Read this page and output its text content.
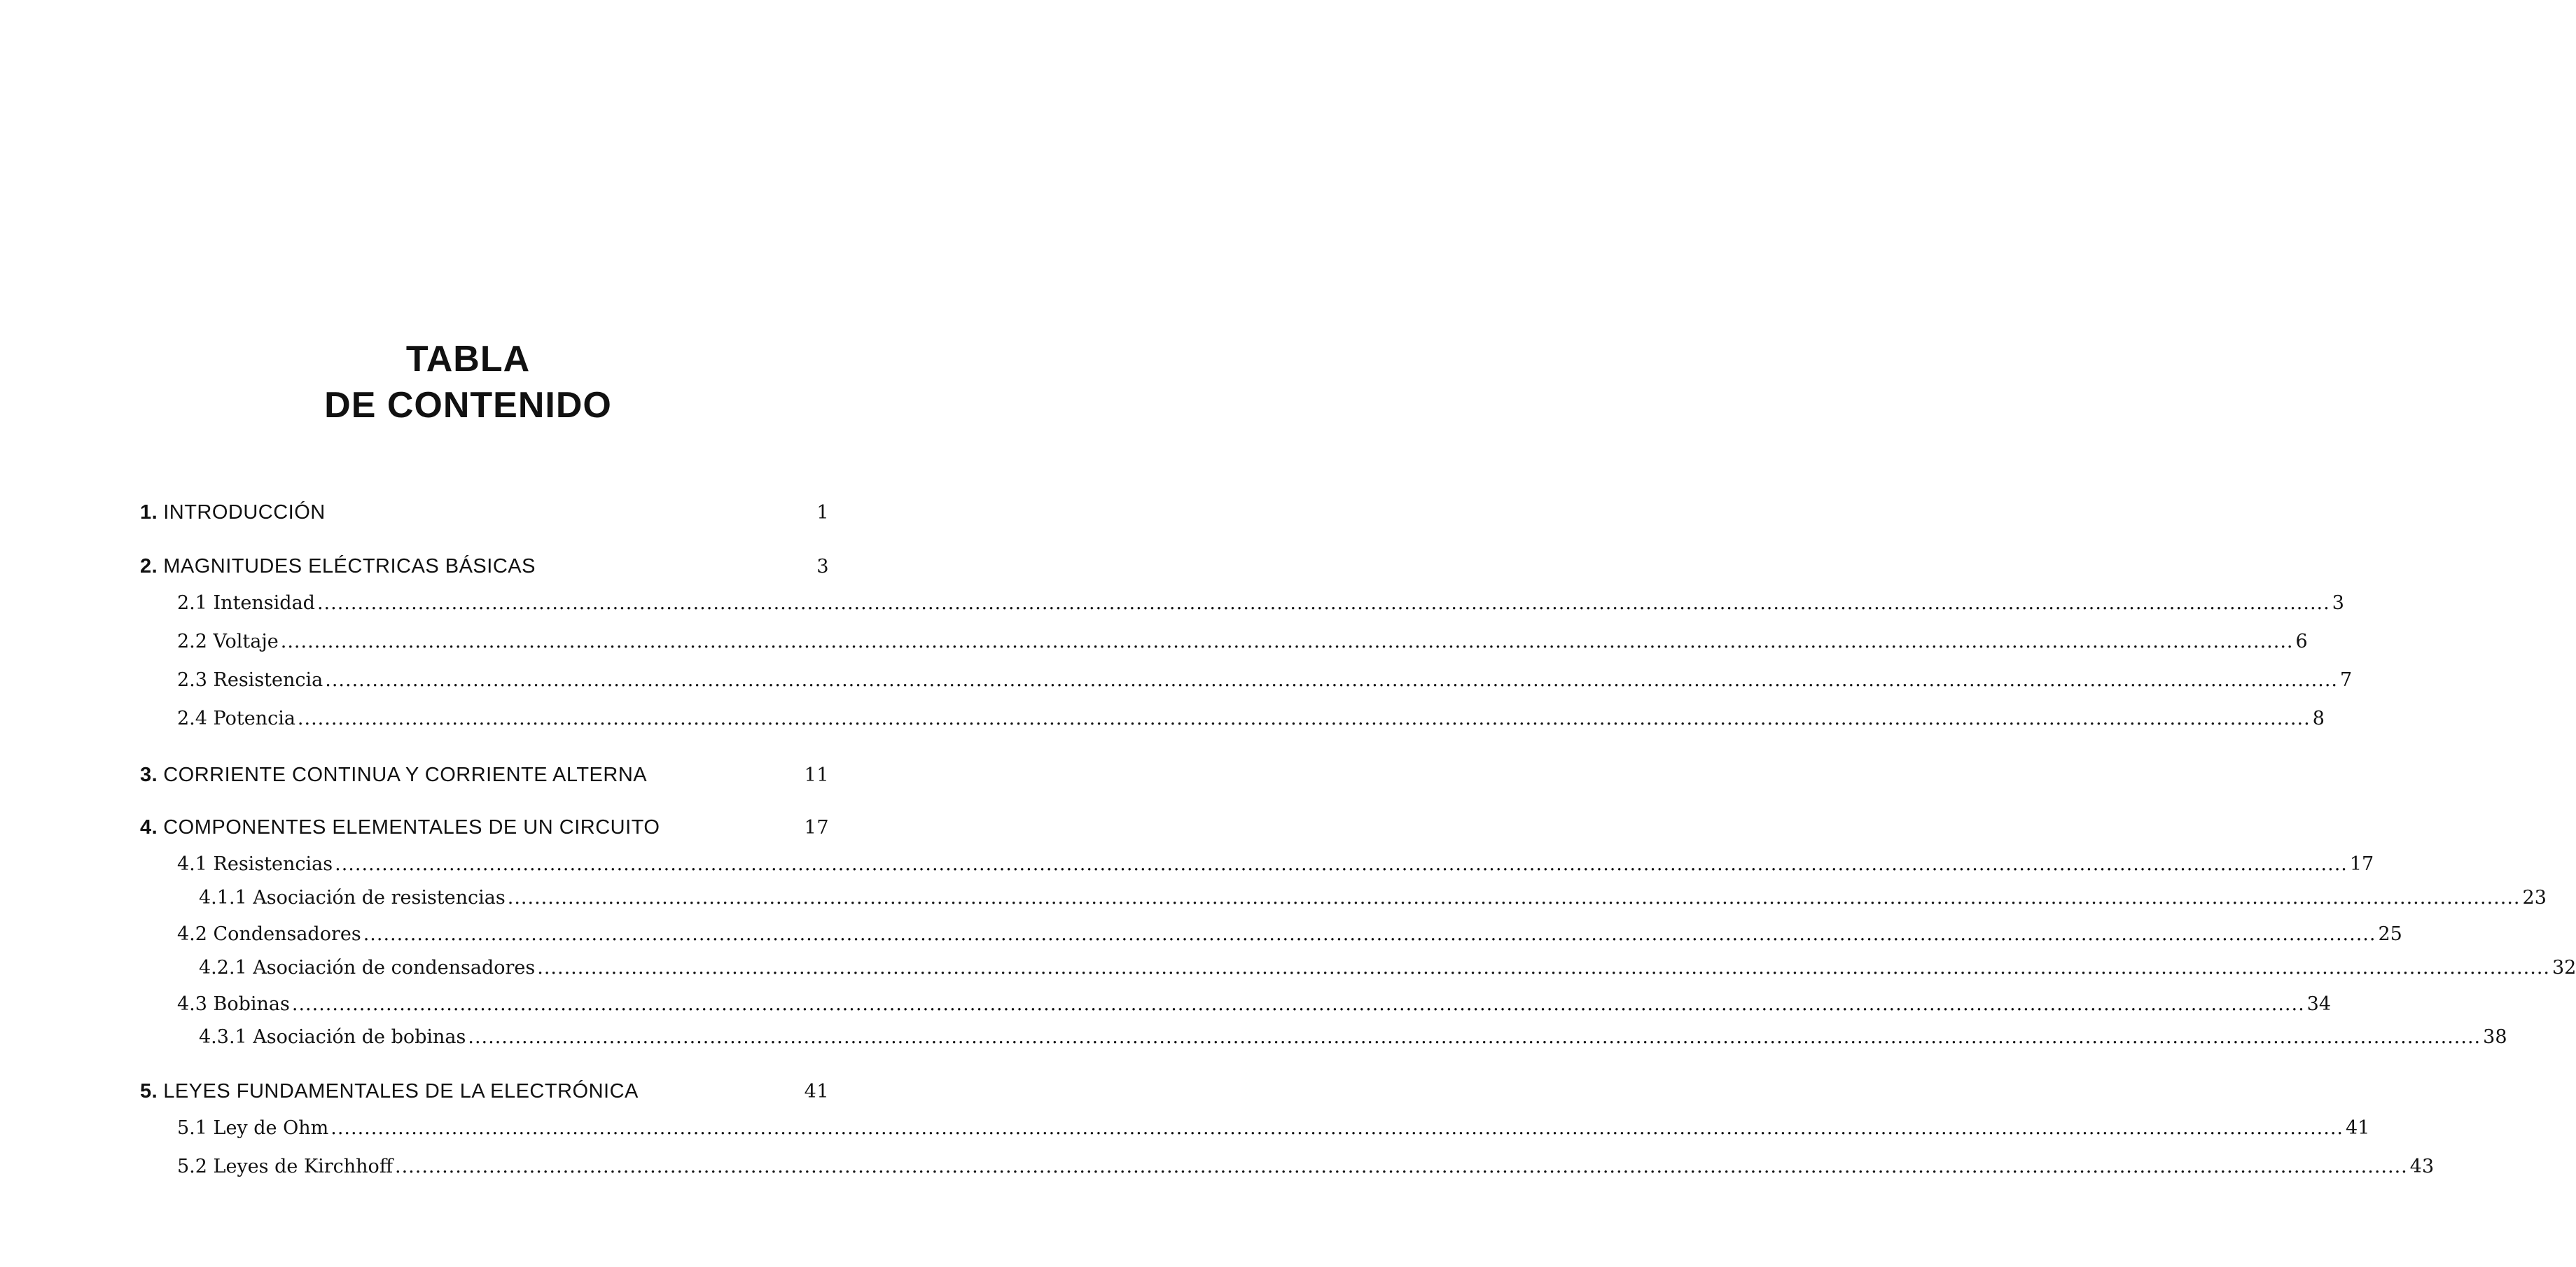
TABLA
DE CONTENIDO
1. INTRODUCCIÓN	1
2. MAGNITUDES ELÉCTRICAS BÁSICAS	3
2.1 Intensidad ............................................................................................................................................................................................................................................................................................................ 3
2.2 Voltaje ............................................................................................................................................................................................................................................................................................................ 6
2.3 Resistencia ............................................................................................................................................................................................................................................................................................................ 7
2.4 Potencia ............................................................................................................................................................................................................................................................................................................ 8
3. CORRIENTE CONTINUA Y CORRIENTE ALTERNA	11
4. COMPONENTES ELEMENTALES DE UN CIRCUITO	17
4.1 Resistencias ............................................................................................................................................................................................................................................................................................................ 17
4.1.1 Asociación de resistencias ............................................................................................................................................................................................................................................................................................................ 23
4.2 Condensadores ............................................................................................................................................................................................................................................................................................................ 25
4.2.1 Asociación de condensadores ............................................................................................................................................................................................................................................................................................................ 32
4.3 Bobinas ............................................................................................................................................................................................................................................................................................................ 34
4.3.1 Asociación de bobinas ............................................................................................................................................................................................................................................................................................................ 38
5. LEYES FUNDAMENTALES DE LA ELECTRÓNICA	41
5.1 Ley de Ohm ............................................................................................................................................................................................................................................................................................................ 41
5.2 Leyes de Kirchhoff ............................................................................................................................................................................................................................................................................................................ 43
